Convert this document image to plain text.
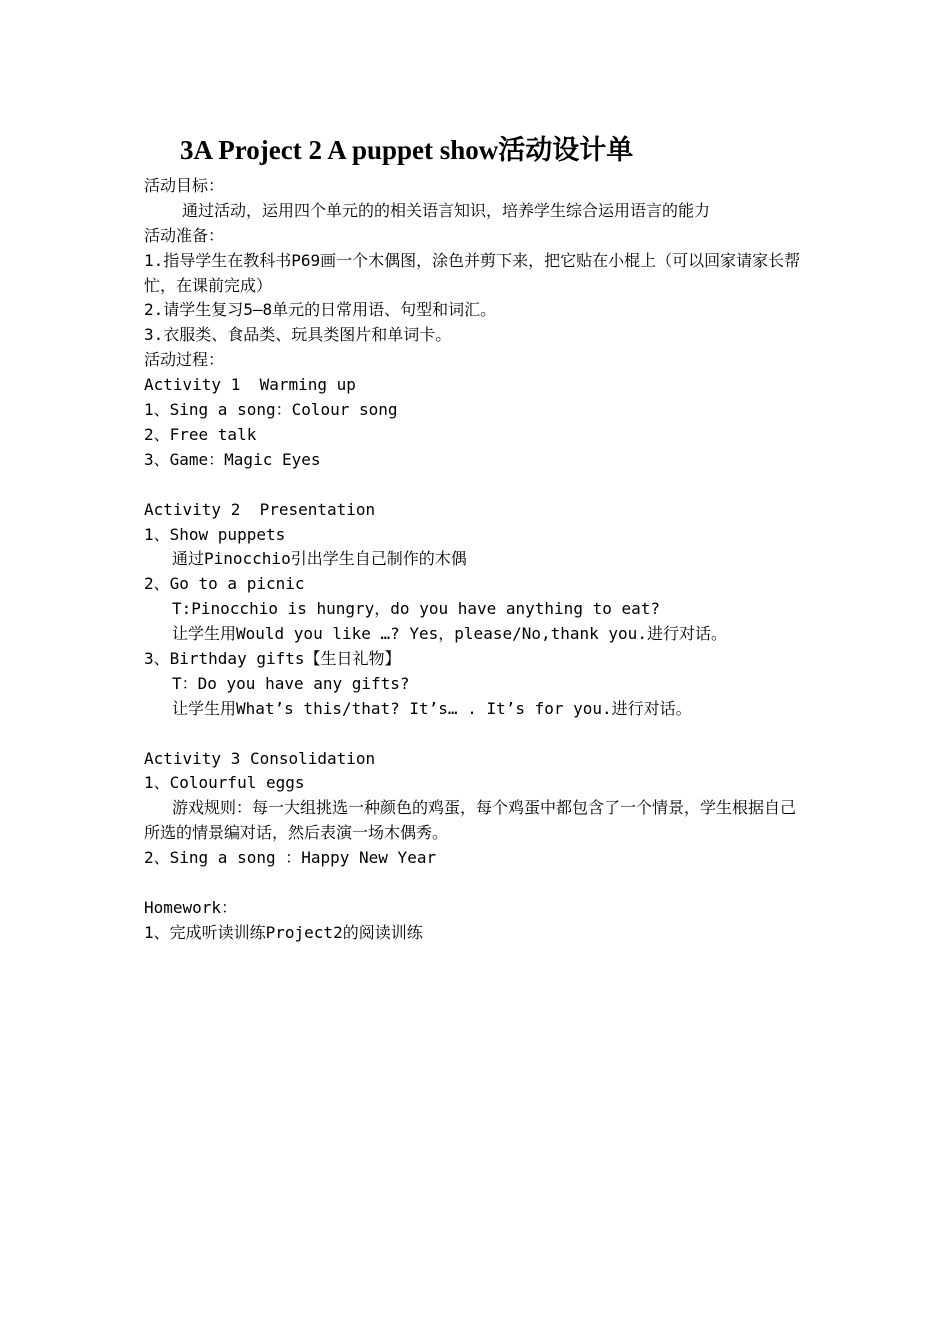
3A Project 2 A puppet show活动设计单
活动目标：
通过活动，运用四个单元的的相关语言知识，培养学生综合运用语言的能力
活动准备：
1.指导学生在教科书P69画一个木偶图，涂色并剪下来，把它贴在小棍上（可以回家请家长帮忙，在课前完成）
2.请学生复习5—8单元的日常用语、句型和词汇。
3.衣服类、食品类、玩具类图片和单词卡。
活动过程：
Activity 1  Warming up
1、Sing a song：Colour song
2、Free talk
3、Game：Magic Eyes
Activity 2  Presentation
1、Show puppets
通过Pinocchio引出学生自己制作的木偶
2、Go to a picnic
T:Pinocchio is hungry，do you have anything to eat?
让学生用Would you like …? Yes，please/No,thank you.进行对话。
3、Birthday gifts【生日礼物】
T：Do you have any gifts?
让学生用What’s this/that? It’s… . It’s for you.进行对话。
Activity 3 Consolidation
1、Colourful eggs
游戏规则：每一大组挑选一种颜色的鸡蛋，每个鸡蛋中都包含了一个情景，学生根据自己所选的情景编对话，然后表演一场木偶秀。
2、Sing a song ：Happy New Year
Homework：
1、完成听读训练Project2的阅读训练
